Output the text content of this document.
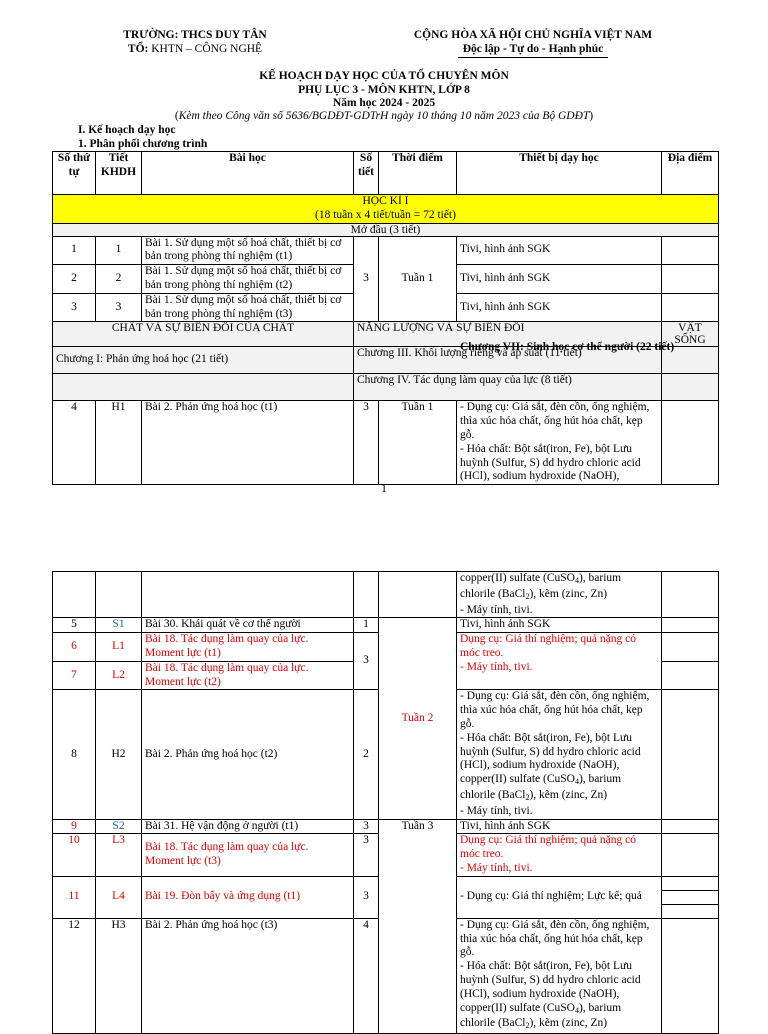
TRƯỜNG: THCS DUY TÂN
TỔ: KHTN – CÔNG NGHỆ
CỘNG HÒA XÃ HỘI CHỦ NGHĨA VIỆT NAM
Độc lập - Tự do - Hạnh phúc
KẾ HOẠCH DẠY HỌC CỦA TỔ CHUYÊN MÔN
PHỤ LỤC 3 - MÔN KHTN, LỚP 8
Năm học 2024 - 2025
(Kèm theo Công văn số 5636/BGDĐT-GDTrH ngày 10 tháng 10 năm 2023 của Bộ GDĐT)
I. Kế hoạch dạy học
1. Phân phối chương trình
Số thứ tự	Tiết KHDH	Bài học	Số tiết	Thời điểm	Thiết bị dạy học	Địa điểm

HỌC KÌ I
(18 tuần x 4 tiết/tuần = 72 tiết)						

Mở đầu (3 tiết)						
1	1	Bài 1. Sử dụng một số hoá chất, thiết bị cơ bản trong phòng thí nghiệm (t1)	3	Tuần 1	Tivi, hình ảnh SGK	
2	2	Bài 1. Sử dụng một số hoá chất, thiết bị cơ bản trong phòng thí nghiệm (t2)			Tivi, hình ảnh SGK	
3	3	Bài 1. Sử dụng một số hoá chất, thiết bị cơ bản trong phòng thí nghiệm (t3)			Tivi, hình ảnh SGK	
CHẤT VÀ SỰ BIẾN ĐỔI CỦA CHẤT			NĂNG LƯỢNG VÀ SỰ BIẾN ĐỔI			VẬT SỐNG
Chương I: Phản ứng hoá học (21 tiết)			Chương III. Khối lượng riêng và áp suất (11 tiết)			
			Chương IV. Tác dụng làm quay của lực (8 tiết)			
4	H1	Bài 2. Phản ứng hoá học (t1)	3	Tuần 1	- Dụng cụ: Giá sắt, đèn cồn, ống nghiệm, thìa xúc hóa chất, ống hút hóa chất, kẹp gỗ.
- Hóa chất: Bột sắt(iron, Fe), bột Lưu huỳnh (Sulfur, S) dd hydro chloric acid (HCl), sodium hydroxide (NaOH),	

Chương VII: Sinh học cơ thể người (22 tiết)
1

					copper(II) sulfate (CuSO$_4$), barium chlorile (BaCl$_2$), kẽm (zinc, Zn)
- Máy tính, tivi.	

5	S1	Bài 30. Khái quát về cơ thể người	1	Tuần 2	Tivi, hình ảnh SGK	
6	L1	Bài 18. Tác dụng làm quay của lực. Moment lực (t1)	3		Dụng cụ: Giá thí nghiệm; quả nặng có móc treo.
- Máy tính, tivi.	

7	L2	Bài 18. Tác dụng làm quay của lực. Moment lực (t2)				
8	H2	Bài 2. Phản ứng hoá học (t2)	2		- Dụng cụ: Giá sắt, đèn cồn, ống nghiệm, thìa xúc hóa chất, ống hút hóa chất, kẹp gỗ.
- Hóa chất: Bột sắt(iron, Fe), bột Lưu huỳnh (Sulfur, S) dd hydro chloric acid (HCl), sodium hydroxide (NaOH), copper(II) sulfate (CuSO$_4$), barium chlorile (BaCl$_2$), kẽm (zinc, Zn)
- Máy tính, tivi.	

9	S2	Bài 31. Hệ vận động ở người (t1)	3	Tuần 3	Tivi, hình ảnh SGK	
10	L3	Bài 18. Tác dụng làm quay của lực. Moment lực (t3)	3		Dụng cụ: Giá thí nghiệm; quả nặng có móc treo.
- Máy tính, tivi.	

11	L4	Bài 19. Đòn bẩy và ứng dụng (t1)	3		- Dụng cụ: Giá thí nghiệm; Lực kế; quả	

12	H3	Bài 2. Phản ứng hoá học (t3)	4		- Dụng cụ: Giá sắt, đèn cồn, ống nghiệm, thìa xúc hóa chất, ống hút hóa chất, kẹp gỗ.
- Hóa chất: Bột sắt(iron, Fe), bột Lưu huỳnh (Sulfur, S) dd hydro chloric acid (HCl), sodium hydroxide (NaOH), copper(II) sulfate (CuSO$_4$), barium chlorile (BaCl$_2$), kẽm (zinc, Zn)	
